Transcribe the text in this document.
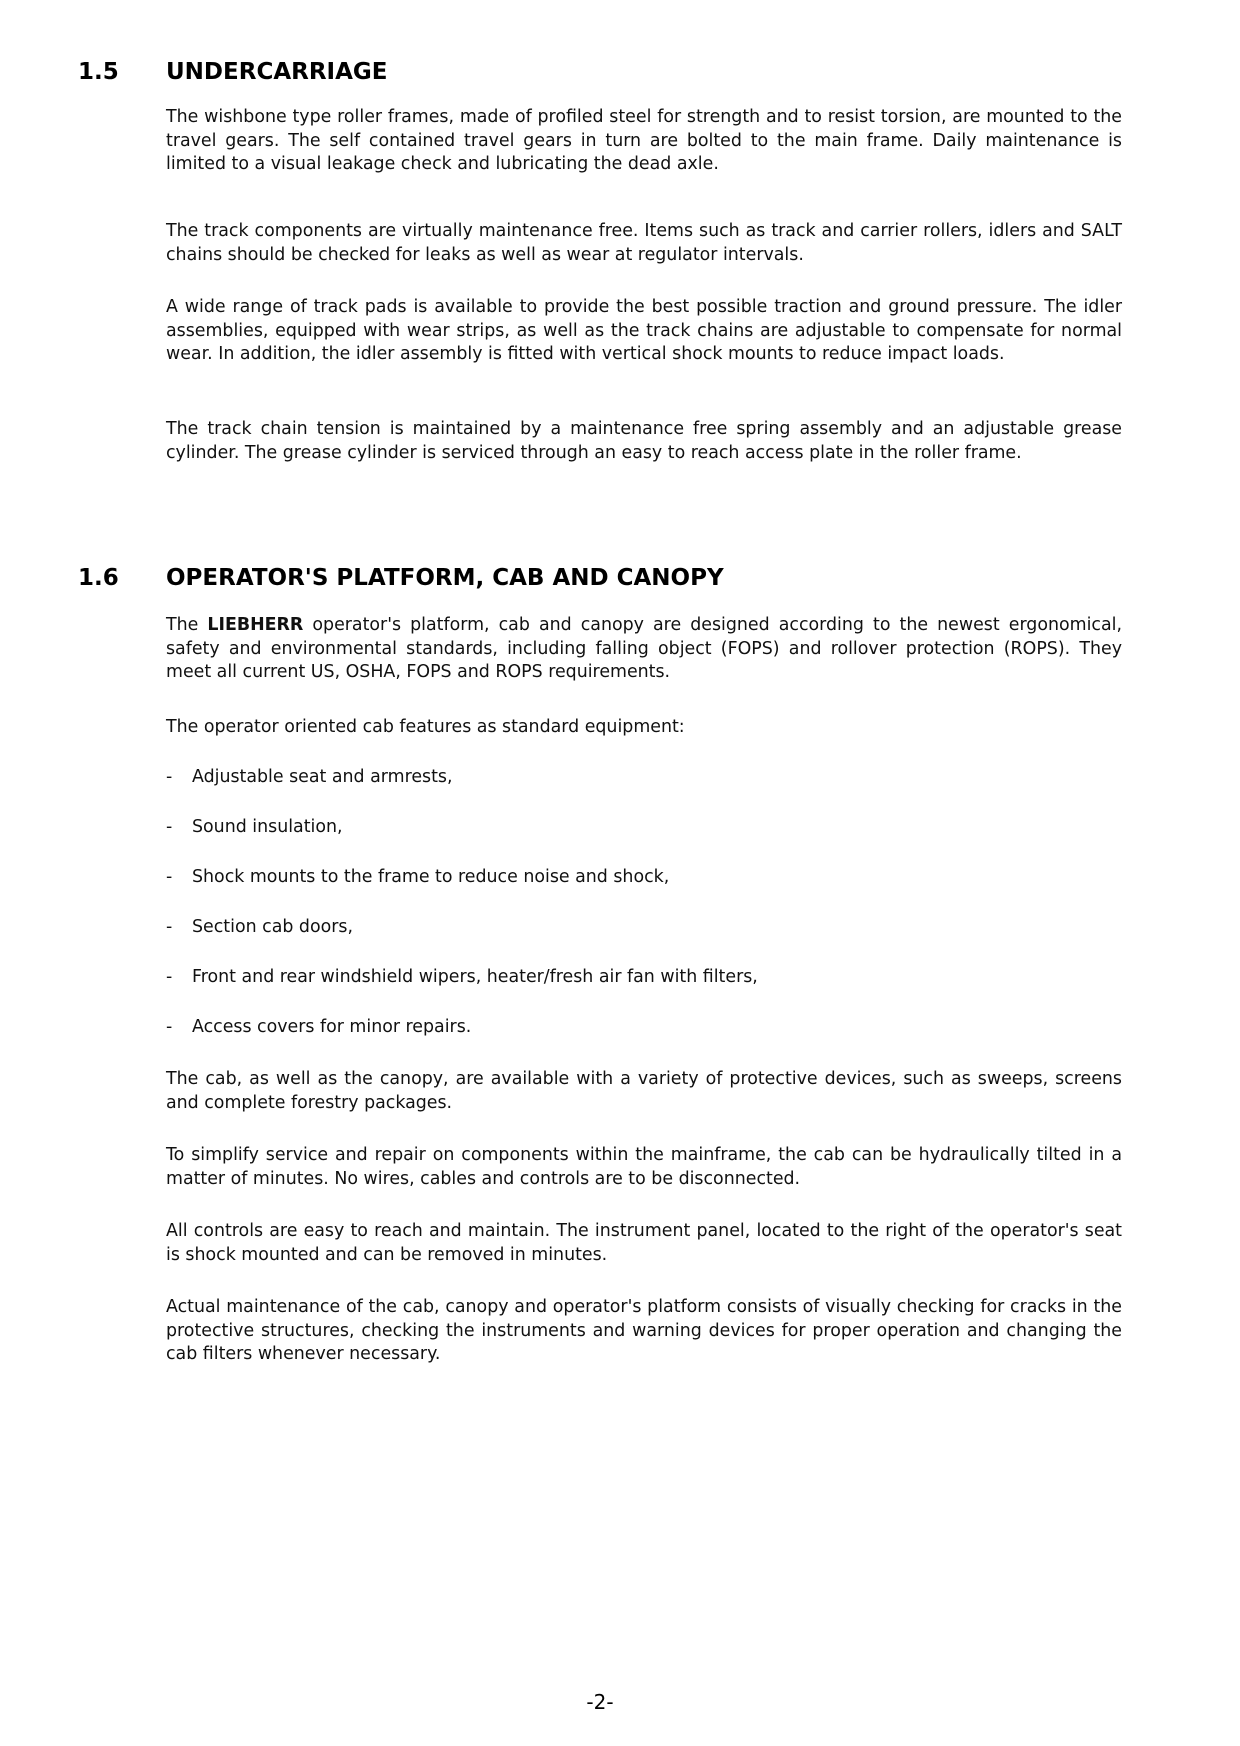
1.5 UNDERCARRIAGE

The wishbone type roller frames, made of profiled steel for strength and to resist torsion, are mounted to the travel gears. The self contained travel gears in turn are bolted to the main frame. Daily maintenance is limited to a visual leakage check and lubricating the dead axle.

The track components are virtually maintenance free. Items such as track and carrier rollers, idlers and SALT chains should be checked for leaks as well as wear at regulator intervals.

A wide range of track pads is available to provide the best possible traction and ground pressure. The idler assemblies, equipped with wear strips, as well as the track chains are adjustable to compensate for normal wear. In addition, the idler assembly is fitted with vertical shock mounts to reduce impact loads.

The track chain tension is maintained by a maintenance free spring assembly and an adjustable grease cylinder. The grease cylinder is serviced through an easy to reach access plate in the roller frame.

1.6 OPERATOR'S PLATFORM, CAB AND CANOPY

The LIEBHERR operator's platform, cab and canopy are designed according to the newest ergonomical, safety and environmental standards, including falling object (FOPS) and rollover protection (ROPS). They meet all current US, OSHA, FOPS and ROPS requirements.

The operator oriented cab features as standard equipment:

- Adjustable seat and armrests,
- Sound insulation,
- Shock mounts to the frame to reduce noise and shock,
- Section cab doors,
- Front and rear windshield wipers, heater/fresh air fan with filters,
- Access covers for minor repairs.

The cab, as well as the canopy, are available with a variety of protective devices, such as sweeps, screens and complete forestry packages.

To simplify service and repair on components within the mainframe, the cab can be hydraulically tilted in a matter of minutes. No wires, cables and controls are to be disconnected.

All controls are easy to reach and maintain. The instrument panel, located to the right of the operator's seat is shock mounted and can be removed in minutes.

Actual maintenance of the cab, canopy and operator's platform consists of visually checking for cracks in the protective structures, checking the instruments and warning devices for proper operation and changing the cab filters whenever necessary.

-2-
